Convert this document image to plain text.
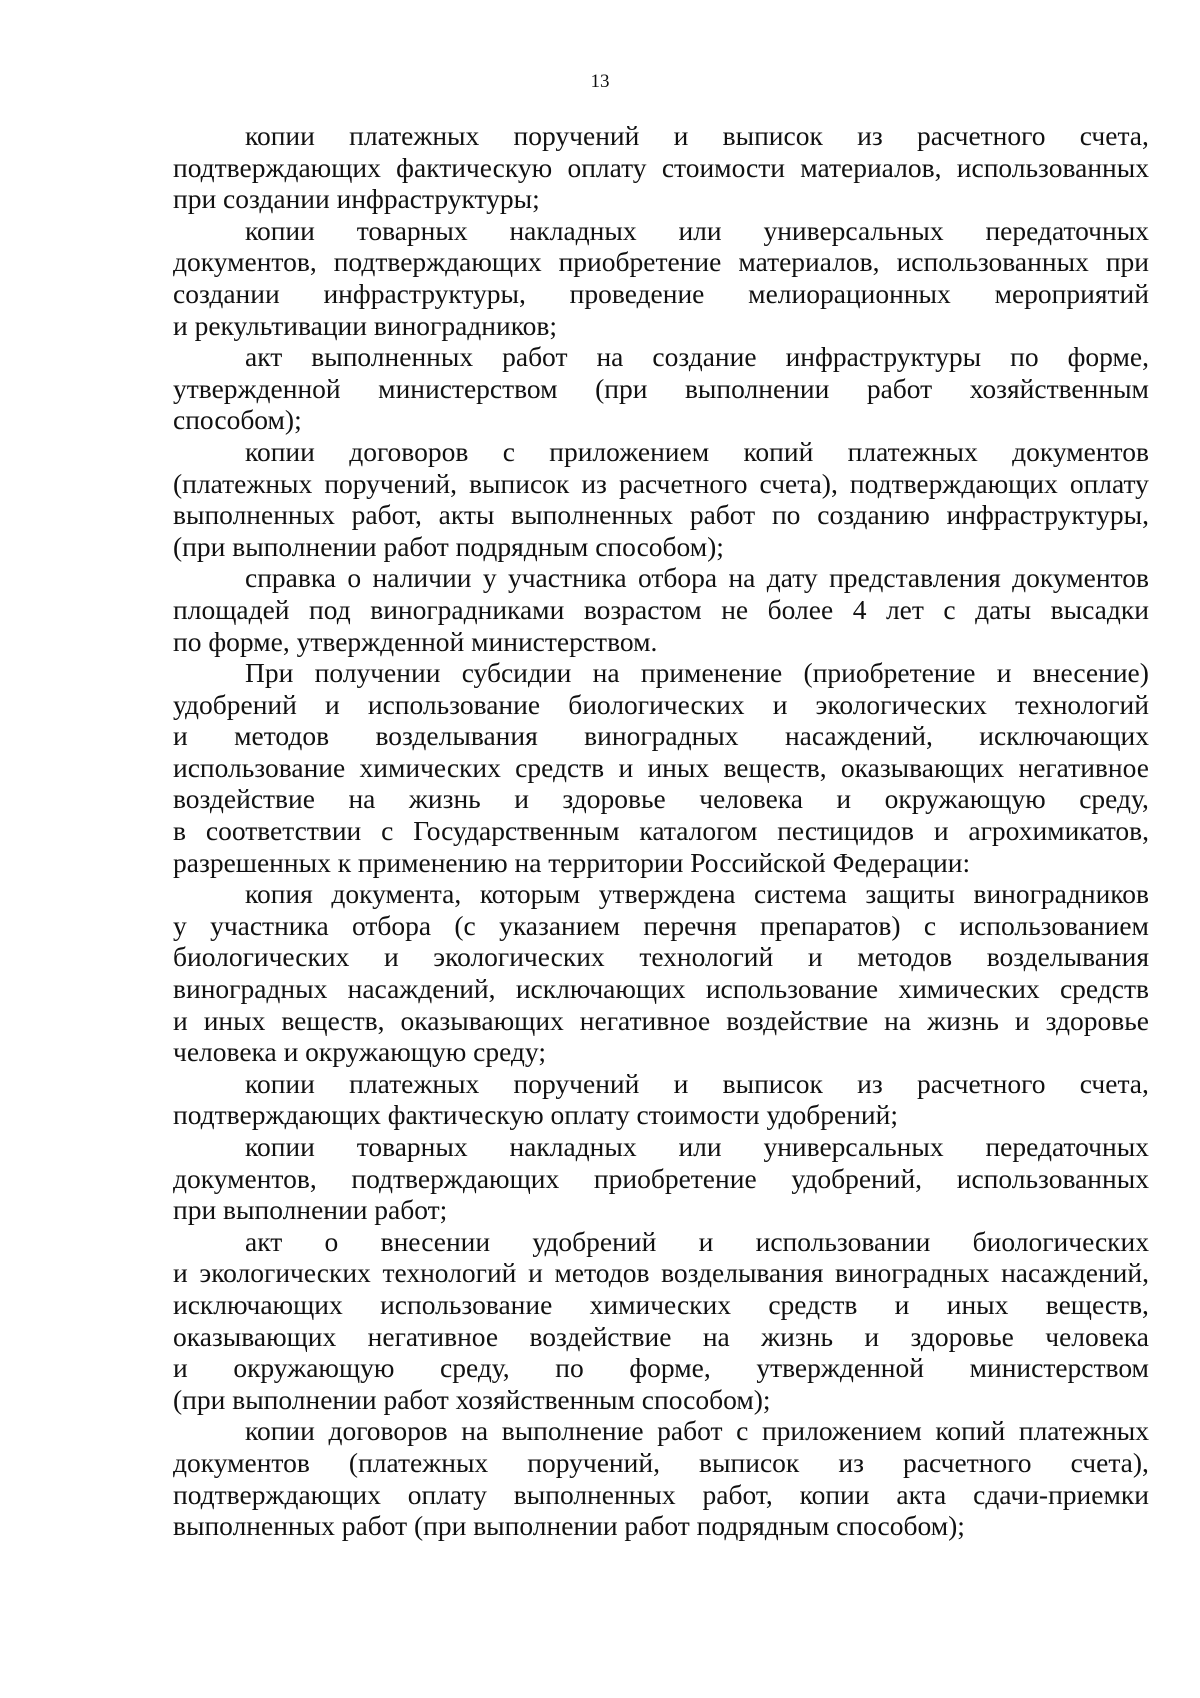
13
копии платежных поручений и выписок из расчетного счета,
подтверждающих фактическую оплату стоимости материалов, использованных
при создании инфраструктуры;
копии товарных накладных или универсальных передаточных
документов, подтверждающих приобретение материалов, использованных при
создании инфраструктуры, проведение мелиорационных мероприятий
и рекультивации виноградников;
акт выполненных работ на создание инфраструктуры по форме,
утвержденной министерством (при выполнении работ хозяйственным
способом);
копии договоров с приложением копий платежных документов
(платежных поручений, выписок из расчетного счета), подтверждающих оплату
выполненных работ, акты выполненных работ по созданию инфраструктуры,
(при выполнении работ подрядным способом);
справка о наличии у участника отбора на дату представления документов
площадей под виноградниками возрастом не более 4 лет с даты высадки
по форме, утвержденной министерством.
При получении субсидии на применение (приобретение и внесение)
удобрений и использование биологических и экологических технологий
и методов возделывания виноградных насаждений, исключающих
использование химических средств и иных веществ, оказывающих негативное
воздействие на жизнь и здоровье человека и окружающую среду,
в соответствии с Государственным каталогом пестицидов и агрохимикатов,
разрешенных к применению на территории Российской Федерации:
копия документа, которым утверждена система защиты виноградников
у участника отбора (с указанием перечня препаратов) с использованием
биологических и экологических технологий и методов возделывания
виноградных насаждений, исключающих использование химических средств
и иных веществ, оказывающих негативное воздействие на жизнь и здоровье
человека и окружающую среду;
копии платежных поручений и выписок из расчетного счета,
подтверждающих фактическую оплату стоимости удобрений;
копии товарных накладных или универсальных передаточных
документов, подтверждающих приобретение удобрений, использованных
при выполнении работ;
акт о внесении удобрений и использовании биологических
и экологических технологий и методов возделывания виноградных насаждений,
исключающих использование химических средств и иных веществ,
оказывающих негативное воздействие на жизнь и здоровье человека
и окружающую среду, по форме, утвержденной министерством
(при выполнении работ хозяйственным способом);
копии договоров на выполнение работ с приложением копий платежных
документов (платежных поручений, выписок из расчетного счета),
подтверждающих оплату выполненных работ, копии акта сдачи-приемки
выполненных работ (при выполнении работ подрядным способом);
